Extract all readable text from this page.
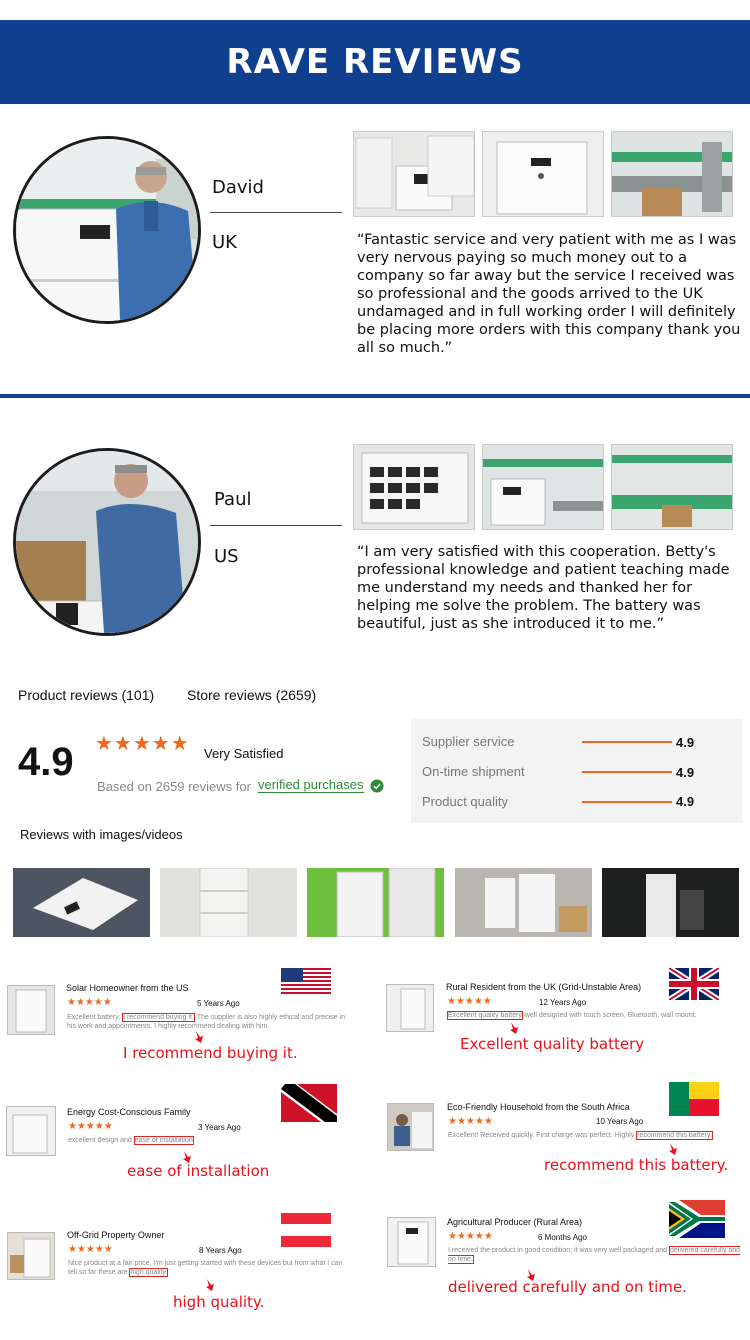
RAVE REVIEWS
David
UK	“Fantastic service and very patient with me as I was very nervous paying so much money out to a company so far away but the service I received was so professional and the goods arrived to the UK undamaged and in full working order I will definitely be placing more orders with this company thank you all so much.”
Paul
US	“I am very satisfied with this cooperation. Betty's professional knowledge and patient teaching made me understand my needs and thanked her for helping me solve the problem. The battery was beautiful, just as she introduced it to me.”
Product reviews (101) Store reviews (2659)
4.9 ★★★★★ Very Satisfied
Based on 2659 reviews for verified purchases
Supplier service	4.9
On-time shipment	4.9
Product quality	4.9
Reviews with images/videos
Solar Homeowner from the US
★★★★★	5 Years Ago
Excellent battery, I recommend buying it. The supplier is also highly ethical and precise in his work and appointments. I highly recommend dealing with him.
I recommend buying it.
Rural Resident from the UK (Grid-Unstable Area)
★★★★★	12 Years Ago
Excellent quality battery well designed with touch screen, Bluetooth, wall mount.
Excellent quality battery
Energy Cost-Conscious Family
★★★★★	3 Years Ago
excellent design and ease of installation
ease of installation
Eco-Friendly Household from the South Africa
★★★★★	10 Years Ago
Excellent! Received quickly. First charge was perfect. Highly recommend this battery.
recommend this battery.
Off-Grid Property Owner
★★★★★	8 Years Ago
Nice product at a fair price, I'm just getting started with these devices but from what I can tell so far these are high quality.
high quality.
Agricultural Producer (Rural Area)
★★★★★	6 Months Ago
I received the product in good condition; it was very well packaged and delivered carefully and on time.
delivered carefully and on time.
